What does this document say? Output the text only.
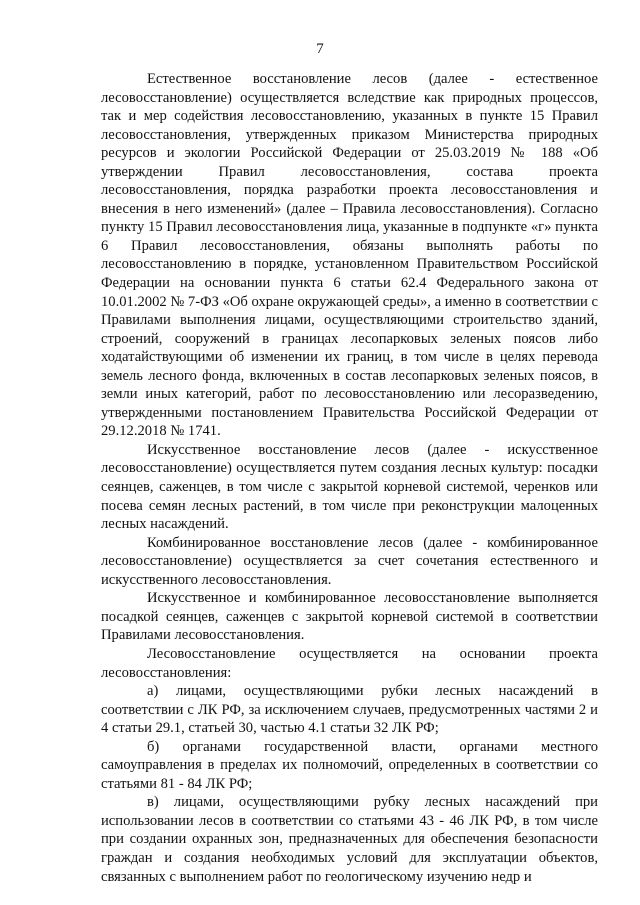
7

Естественное восстановление лесов (далее - естественное лесовосстановление) осуществляется вследствие как природных процессов, так и мер содействия лесовосстановлению, указанных в пункте 15 Правил лесовосстановления, утвержденных приказом Министерства природных ресурсов и экологии Российской Федерации от 25.03.2019 № 188 «Об утверждении Правил лесовосстановления, состава проекта лесовосстановления, порядка разработки проекта лесовосстановления и внесения в него изменений» (далее – Правила лесовосстановления). Согласно пункту 15 Правил лесовосстановления лица, указанные в подпункте «г» пункта 6 Правил лесовосстановления, обязаны выполнять работы по лесовосстановлению в порядке, установленном Правительством Российской Федерации на основании пункта 6 статьи 62.4 Федерального закона от 10.01.2002 № 7-ФЗ «Об охране окружающей среды», а именно в соответствии с Правилами выполнения лицами, осуществляющими строительство зданий, строений, сооружений в границах лесопарковых зеленых поясов либо ходатайствующими об изменении их границ, в том числе в целях перевода земель лесного фонда, включенных в состав лесопарковых зеленых поясов, в земли иных категорий, работ по лесовосстановлению или лесоразведению, утвержденными постановлением Правительства Российской Федерации от 29.12.2018 № 1741.

Искусственное восстановление лесов (далее - искусственное лесовосстановление) осуществляется путем создания лесных культур: посадки сеянцев, саженцев, в том числе с закрытой корневой системой, черенков или посева семян лесных растений, в том числе при реконструкции малоценных лесных насаждений.

Комбинированное восстановление лесов (далее - комбинированное лесовосстановление) осуществляется за счет сочетания естественного и искусственного лесовосстановления.

Искусственное и комбинированное лесовосстановление выполняется посадкой сеянцев, саженцев с закрытой корневой системой в соответствии Правилами лесовосстановления.

Лесовосстановление осуществляется на основании проекта лесовосстановления:

а) лицами, осуществляющими рубки лесных насаждений в соответствии с ЛК РФ, за исключением случаев, предусмотренных частями 2 и 4 статьи 29.1, статьей 30, частью 4.1 статьи 32 ЛК РФ;

б) органами государственной власти, органами местного самоуправления в пределах их полномочий, определенных в соответствии со статьями 81 - 84 ЛК РФ;

в) лицами, осуществляющими рубку лесных насаждений при использовании лесов в соответствии со статьями 43 - 46 ЛК РФ, в том числе при создании охранных зон, предназначенных для обеспечения безопасности граждан и создания необходимых условий для эксплуатации объектов, связанных с выполнением работ по геологическому изучению недр и
